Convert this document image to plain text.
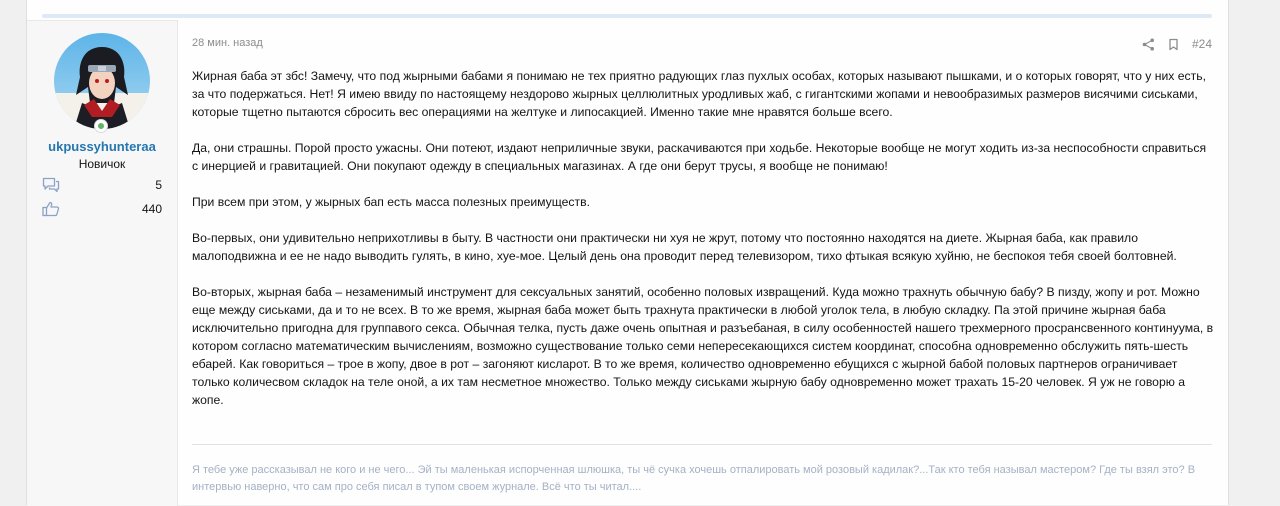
ukpussyhunteraa
Новичок
5
440
28 мин. назад	#24

Жирная баба эт збс! Замечу, что под жырными бабами я понимаю не тех приятно радующих глаз пухлых особах, которых называют пышками, и о которых говорят, что у них есть, за что подержаться. Нет! Я имею ввиду по настоящему нездорово жырных целлюлитных уродливых жаб, с гигантскими жопами и невообразимых размеров висячими сиськами, которые тщетно пытаются сбросить вес операциями на желтуке и липосакцией. Именно такие мне нравятся больше всего.

Да, они страшны. Порой просто ужасны. Они потеют, издают неприличные звуки, раскачиваются при ходьбе. Некоторые вообще не могут ходить из-за неспособности справиться с инерцией и гравитацией. Они покупают одежду в специальных магазинах. А где они берут трусы, я вообще не понимаю!

При всем при этом, у жырных бап есть масса полезных преимуществ.

Во-первых, они удивительно неприхотливы в быту. В частности они практически ни хуя не жрут, потому что постоянно находятся на диете. Жырная баба, как правило малоподвижна и ее не надо выводить гулять, в кино, хуе-мое. Целый день она проводит перед телевизором, тихо фтыкая всякую хуйню, не беспокоя тебя своей болтовней.

Во-вторых, жырная баба – незаменимый инструмент для сексуальных занятий, особенно половых извращений. Куда можно трахнуть обычную бабу? В пизду, жопу и рот. Можно еще между сиськами, да и то не всех. В то же время, жырная баба может быть трахнута практически в любой уголок тела, в любую складку. Па этой причине жырная баба исключительно пригодна для группавого секса. Обычная телка, пусть даже очень опытная и разъебаная, в силу особенностей нашего трехмерного просрансвенного континуума, в котором согласно математическим вычислениям, возможно существование только семи непересекающихся систем координат, способна одновременно обслужить пять-шесть ебарей. Как говориться – трое в жопу, двое в рот – загоняют кисларот. В то же время, количество одновременно ебущихся с жырной бабой половых партнеров ограничивает только количесвом складок на теле оной, а их там несметное множество. Только между сиськами жырную бабу одновременно может трахать 15-20 человек. Я уж не говорю а жопе.

Я тебе уже рассказывал не кого и не чего... Эй ты маленькая испорченная шлюшка, ты чё сучка хочешь отпалировать мой розовый кадилак?...Так кто тебя называл мастером? Где ты взял это? В интервью наверно, что сам про себя писал в тупом своем журнале. Всё что ты читал....
